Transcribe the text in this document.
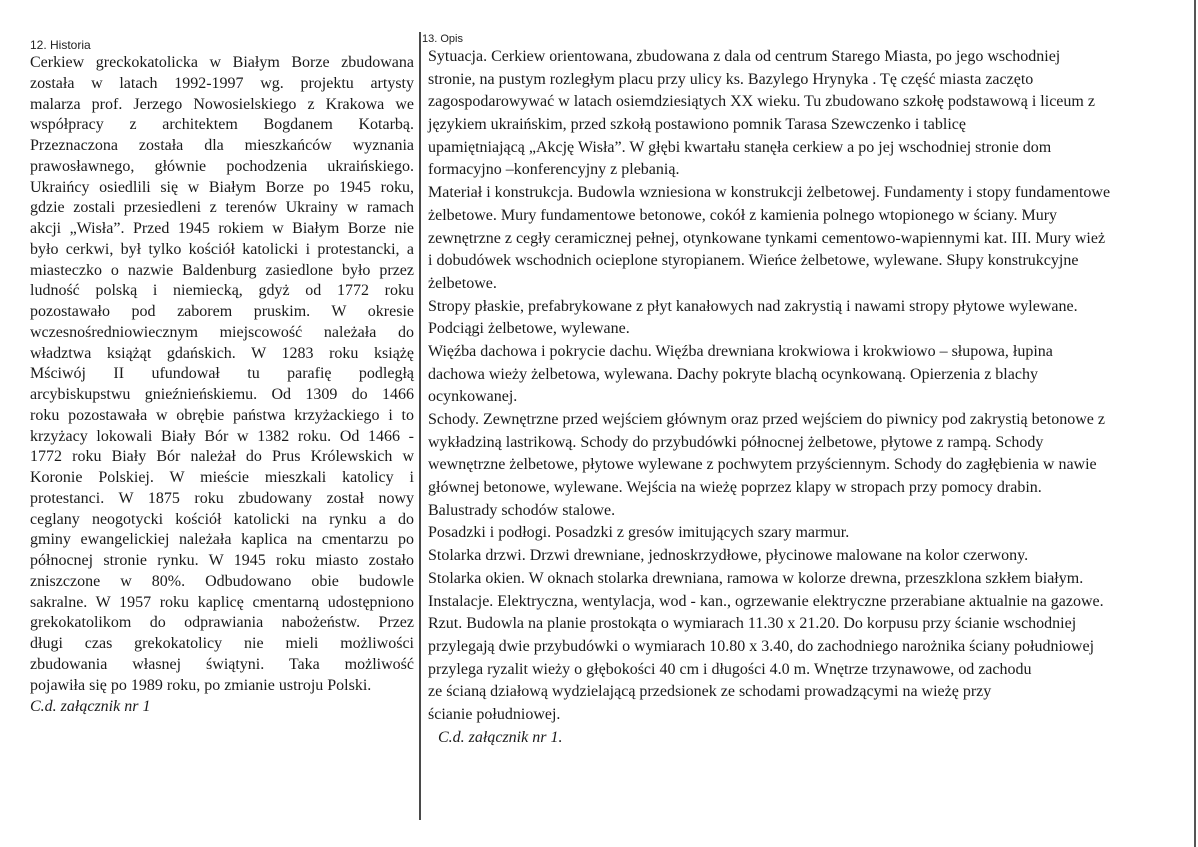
12. Historia
Cerkiew greckokatolicka w Białym Borze zbudowana
została w latach 1992-1997 wg. projektu artysty
malarza prof. Jerzego Nowosielskiego z Krakowa we
współpracy z architektem Bogdanem Kotarbą.
Przeznaczona została dla mieszkańców wyznania
prawosławnego, głównie pochodzenia ukraińskiego.
Ukraińcy osiedlili się w Białym Borze po 1945 roku,
gdzie zostali przesiedleni z terenów Ukrainy w ramach
akcji „Wisła”. Przed 1945 rokiem w Białym Borze nie
było cerkwi, był tylko kościół katolicki i protestancki, a
miasteczko o nazwie Baldenburg zasiedlone było przez
ludność polską i niemiecką, gdyż od 1772 roku
pozostawało pod zaborem pruskim. W okresie
wczesnośredniowiecznym miejscowość należała do
władztwa książąt gdańskich. W 1283 roku książę
Mściwój II ufundował tu parafię podległą
arcybiskupstwu gnieźnieńskiemu. Od 1309 do 1466
roku pozostawała w obrębie państwa krzyżackiego i to
krzyżacy lokowali Biały Bór w 1382 roku. Od 1466 -
1772 roku Biały Bór należał do Prus Królewskich w
Koronie Polskiej. W mieście mieszkali katolicy i
protestanci. W 1875 roku zbudowany został nowy
ceglany neogotycki kościół katolicki na rynku a do
gminy ewangelickiej należała kaplica na cmentarzu po
północnej stronie rynku. W 1945 roku miasto zostało
zniszczone w 80%. Odbudowano obie budowle
sakralne. W 1957 roku kaplicę cmentarną udostępniono
grekokatolikom do odprawiania nabożeństw. Przez
długi czas grekokatolicy nie mieli możliwości
zbudowania własnej świątyni. Taka możliwość
pojawiła się po 1989 roku, po zmianie ustroju Polski.
C.d. załącznik nr 1
13. Opis
Sytuacja. Cerkiew orientowana, zbudowana z dala od centrum Starego Miasta, po jego wschodniej
stronie, na pustym rozległym placu przy ulicy ks. Bazylego Hrynyka . Tę część miasta zaczęto
zagospodarowywać w latach osiemdziesiątych XX wieku. Tu zbudowano szkołę podstawową i liceum z
językiem ukraińskim, przed szkołą postawiono pomnik Tarasa Szewczenko i tablicę
upamiętniającą „Akcję Wisła”. W głębi kwartału stanęła cerkiew a po jej wschodniej stronie dom
formacyjno –konferencyjny z plebanią.
Materiał i konstrukcja. Budowla wzniesiona w konstrukcji żelbetowej. Fundamenty i stopy fundamentowe
żelbetowe. Mury fundamentowe betonowe, cokół z kamienia polnego wtopionego w ściany. Mury
zewnętrzne z cegły ceramicznej pełnej, otynkowane tynkami cementowo-wapiennymi kat. III. Mury wież
i dobudówek wschodnich ocieplone styropianem. Wieńce żelbetowe, wylewane. Słupy konstrukcyjne
żelbetowe.
Stropy płaskie, prefabrykowane z płyt kanałowych nad zakrystią i nawami stropy płytowe wylewane.
Podciągi żelbetowe, wylewane.
Więźba dachowa i pokrycie dachu. Więźba drewniana krokwiowa i krokwiowo – słupowa, łupina
dachowa wieży żelbetowa, wylewana. Dachy pokryte blachą ocynkowaną. Opierzenia z blachy
ocynkowanej.
Schody. Zewnętrzne przed wejściem głównym oraz przed wejściem do piwnicy pod zakrystią betonowe z
wykładziną lastrikową. Schody do przybudówki północnej żelbetowe, płytowe z rampą. Schody
wewnętrzne żelbetowe, płytowe wylewane z pochwytem przyściennym. Schody do zagłębienia w nawie
głównej betonowe, wylewane. Wejścia na wieżę poprzez klapy w stropach przy pomocy drabin.
Balustrady schodów stalowe.
Posadzki i podłogi. Posadzki z gresów imitujących szary marmur.
Stolarka drzwi. Drzwi drewniane, jednoskrzydłowe, płycinowe malowane na kolor czerwony.
Stolarka okien. W oknach stolarka drewniana, ramowa w kolorze drewna, przeszklona szkłem białym.
Instalacje. Elektryczna, wentylacja, wod - kan., ogrzewanie elektryczne przerabiane aktualnie na gazowe.
Rzut. Budowla na planie prostokąta o wymiarach 11.30 x 21.20. Do korpusu przy ścianie wschodniej
przylegają dwie przybudówki o wymiarach 10.80 x 3.40, do zachodniego narożnika ściany południowej
przylega ryzalit wieży o głębokości 40 cm i długości 4.0 m. Wnętrze trzynawowe, od zachodu
ze ścianą działową wydzielającą przedsionek ze schodami prowadzącymi na wieżę przy
ścianie południowej.
C.d. załącznik nr 1.
